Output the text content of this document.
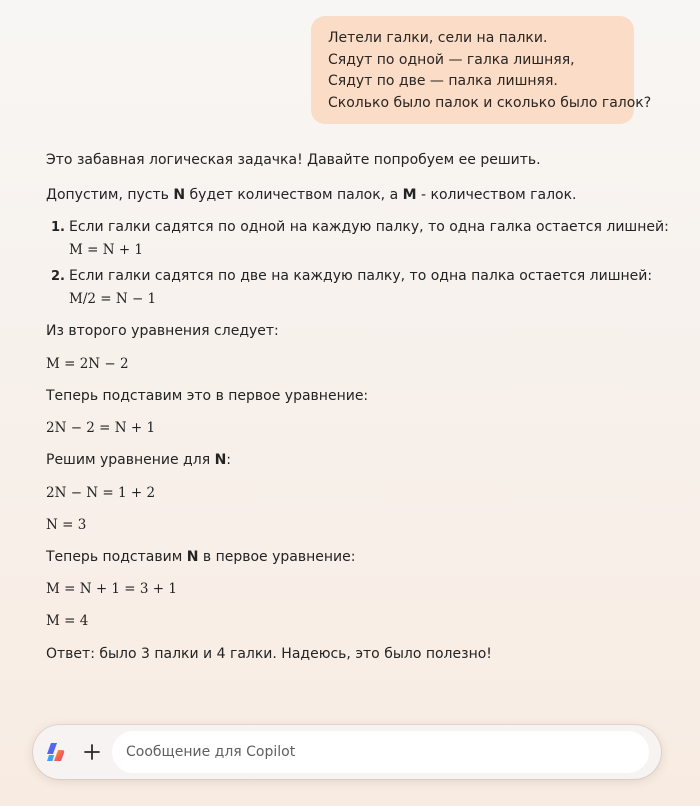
Летели галки, сели на палки.
Сядут по одной — галка лишняя,
Сядут по две — палка лишняя.
Сколько было палок и сколько было галок?
Это забавная логическая задачка! Давайте попробуем ее решить.
Допустим, пусть N будет количеством палок, а M - количеством галок.
1. Если галки садятся по одной на каждую палку, то одна галка остается лишней:
M = N + 1
2. Если галки садятся по две на каждую палку, то одна палка остается лишней:
M/2 = N − 1
Из второго уравнения следует:
M = 2N − 2
Теперь подставим это в первое уравнение:
2N − 2 = N + 1
Решим уравнение для N:
2N − N = 1 + 2
N = 3
Теперь подставим N в первое уравнение:
M = N + 1 = 3 + 1
M = 4
Ответ: было 3 палки и 4 галки. Надеюсь, это было полезно!
Сообщение для Copilot
